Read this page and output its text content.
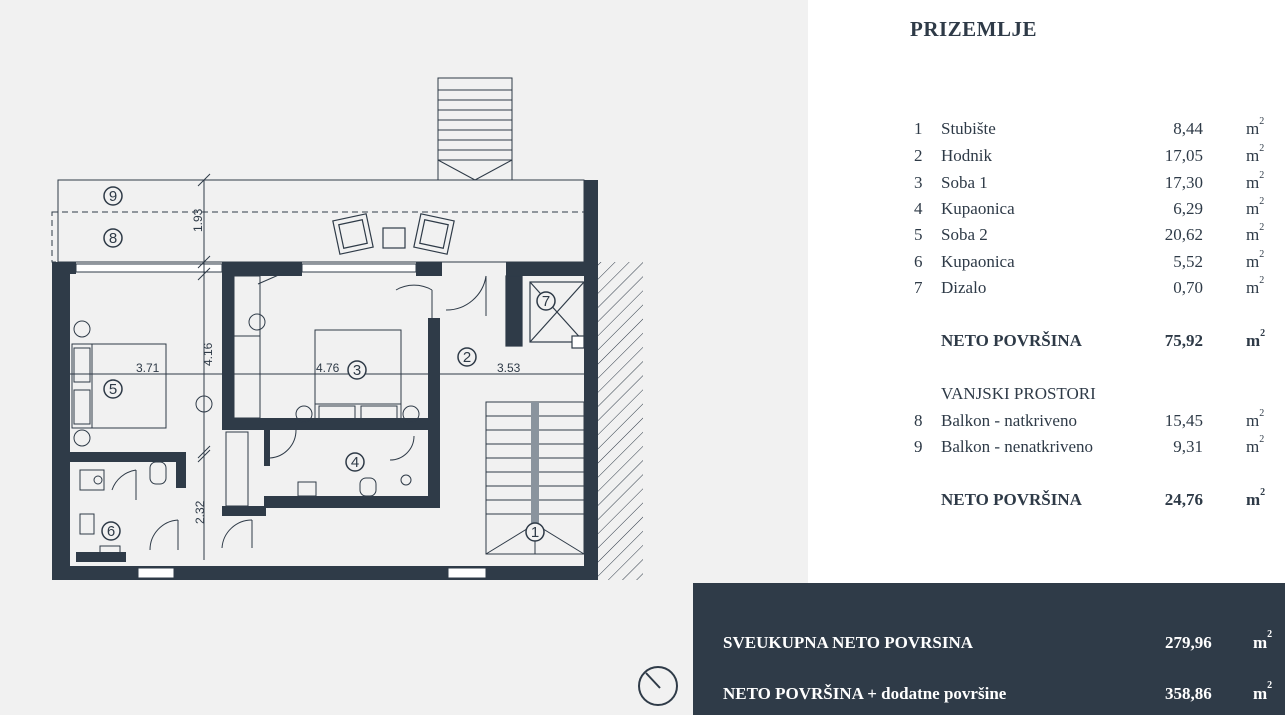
3.71
4.16
4.76	3.53
1.93
2.32
1
2
3
4
5
6
7
8
9
PRIZEMLJE
1 Stubište	8,44	$m^2$
2 Hodnik	17,05	$m^2$
3 Soba 1	17,30	$m^2$
4 Kupaonica	6,29	$m^2$
5 Soba 2	20,62	$m^2$
6 Kupaonica	5,52	$m^2$
7 Dizalo	0,70	$m^2$
NETO POVRŠINA	75,92	$m^2$
VANJSKI PROSTORI
8 Balkon - natkriveno	15,45	$m^2$
9 Balkon - nenatkriveno	9,31	$m^2$
NETO POVRŠINA	24,76	$m^2$
SVEUKUPNA NETO POVRSINA	279,96 $m^2$
NETO POVRŠINA + dodatne površine	358,86 $m^2$
